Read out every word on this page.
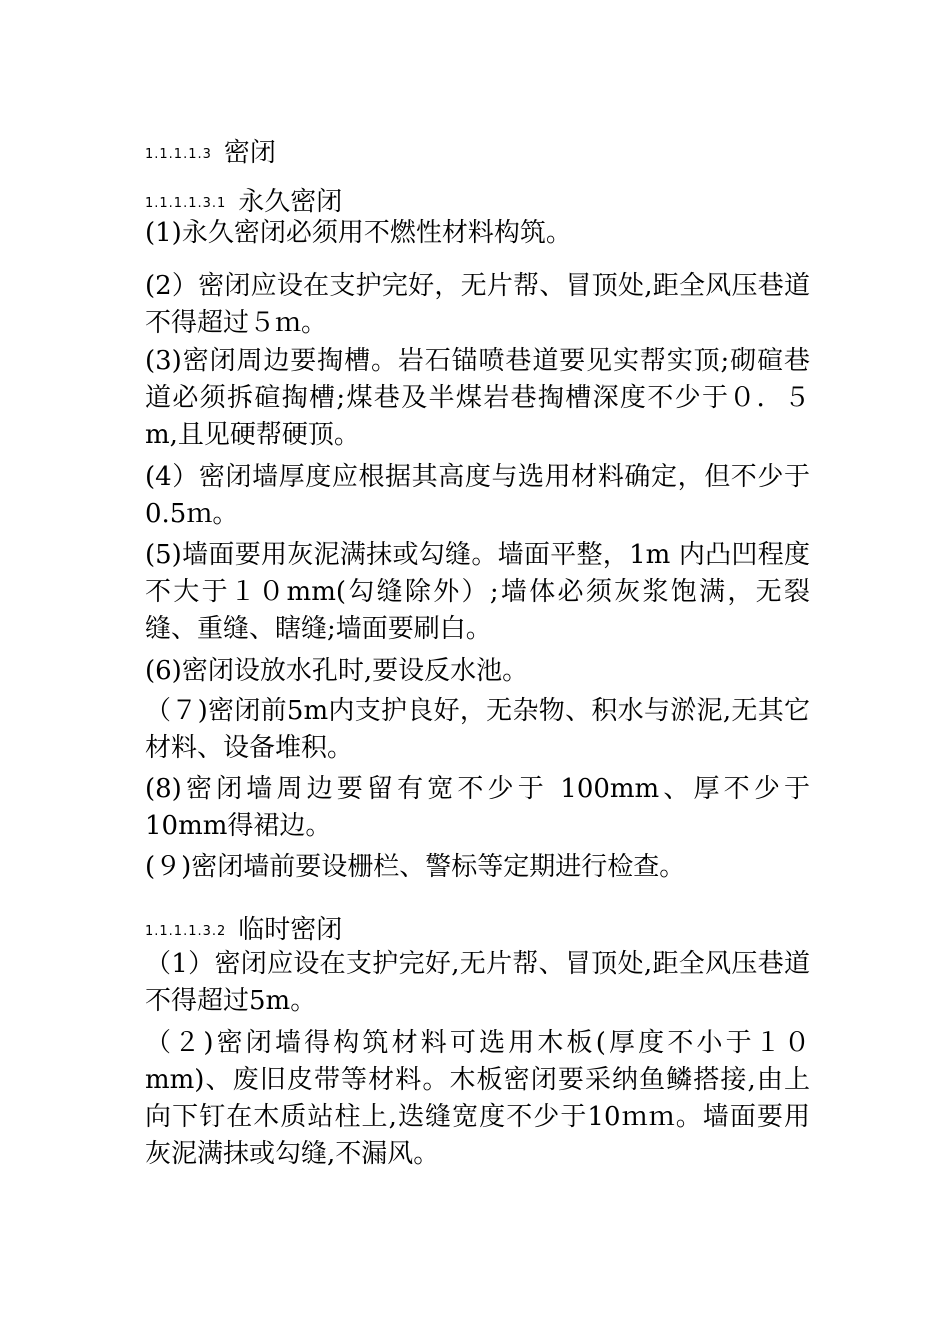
1.1.1.1.3 密闭
1.1.1.1.3.1 永久密闭

(1)永久密闭必须用不燃性材料构筑。

(2）密闭应设在支护完好，无片帮、冒顶处,距全风压巷道不得超过５ｍ。

(3)密闭周边要掏槽。岩石锚喷巷道要见实帮实顶;砌碹巷道必须拆碹掏槽;煤巷及半煤岩巷掏槽深度不少于０．５m,且见硬帮硬顶。

(4）密闭墙厚度应根据其高度与选用材料确定，但不少于0.5ｍ。

(5)墙面要用灰泥满抹或勾缝。墙面平整，1m 内凸凹程度不大于１０mm(勾缝除外）;墙体必须灰浆饱满，无裂缝、重缝、瞎缝;墙面要刷白。

(6)密闭设放水孔时,要设反水池。

（７)密闭前5m内支护良好，无杂物、积水与淤泥,无其它材料、设备堆积。

(8)密闭墙周边要留有宽不少于 100mm、厚不少于10mm得裙边。

(９)密闭墙前要设栅栏、警标等定期进行检查。

1.1.1.1.3.2 临时密闭

（1）密闭应设在支护完好,无片帮、冒顶处,距全风压巷道不得超过5m。

（２)密闭墙得构筑材料可选用木板(厚度不小于１０mm)、废旧皮带等材料。木板密闭要采纳鱼鳞搭接,由上向下钉在木质站柱上,迭缝宽度不少于10ｍｍ。墙面要用灰泥满抹或勾缝,不漏风。
